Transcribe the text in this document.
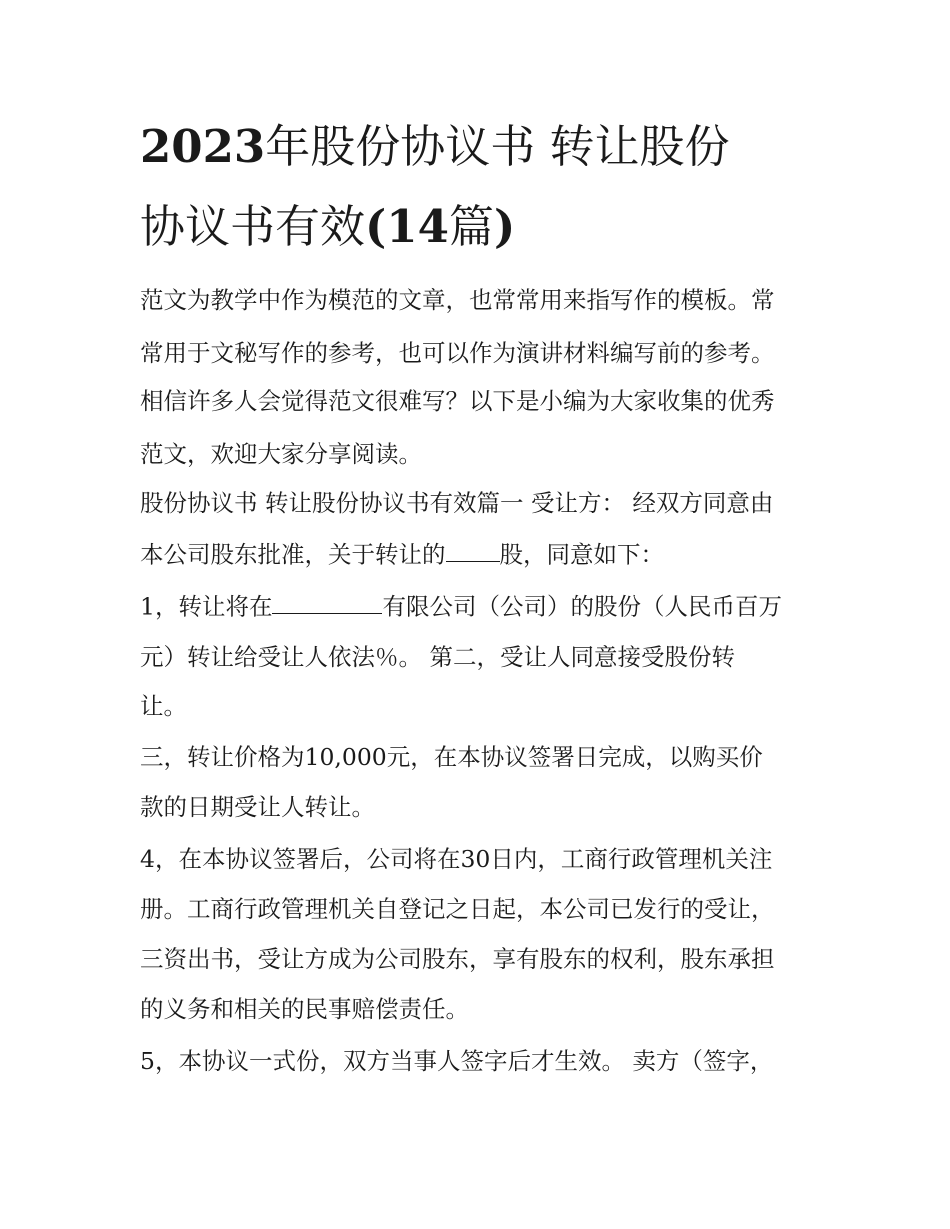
2023年股份协议书 转让股份
协议书有效(14篇)

范文为教学中作为模范的文章，也常常用来指写作的模板。常

常用于文秘写作的参考，也可以作为演讲材料编写前的参考。

相信许多人会觉得范文很难写？以下是小编为大家收集的优秀

范文，欢迎大家分享阅读。

股份协议书 转让股份协议书有效篇一 受让方： 经双方同意由

本公司股东批准，关于转让的 股，同意如下：

1，转让将在	有限公司（公司）的股份（人民币百万

元）转让给受让人依法％。 第二，受让人同意接受股份转

让。

三，转让价格为10,000元，在本协议签署日完成，以购买价

款的日期受让人转让。

4，在本协议签署后，公司将在30日内，工商行政管理机关注

册。工商行政管理机关自登记之日起，本公司已发行的受让，

三资出书，受让方成为公司股东，享有股东的权利，股东承担

的义务和相关的民事赔偿责任。

5，本协议一式份，双方当事人签字后才生效。 卖方（签字，
